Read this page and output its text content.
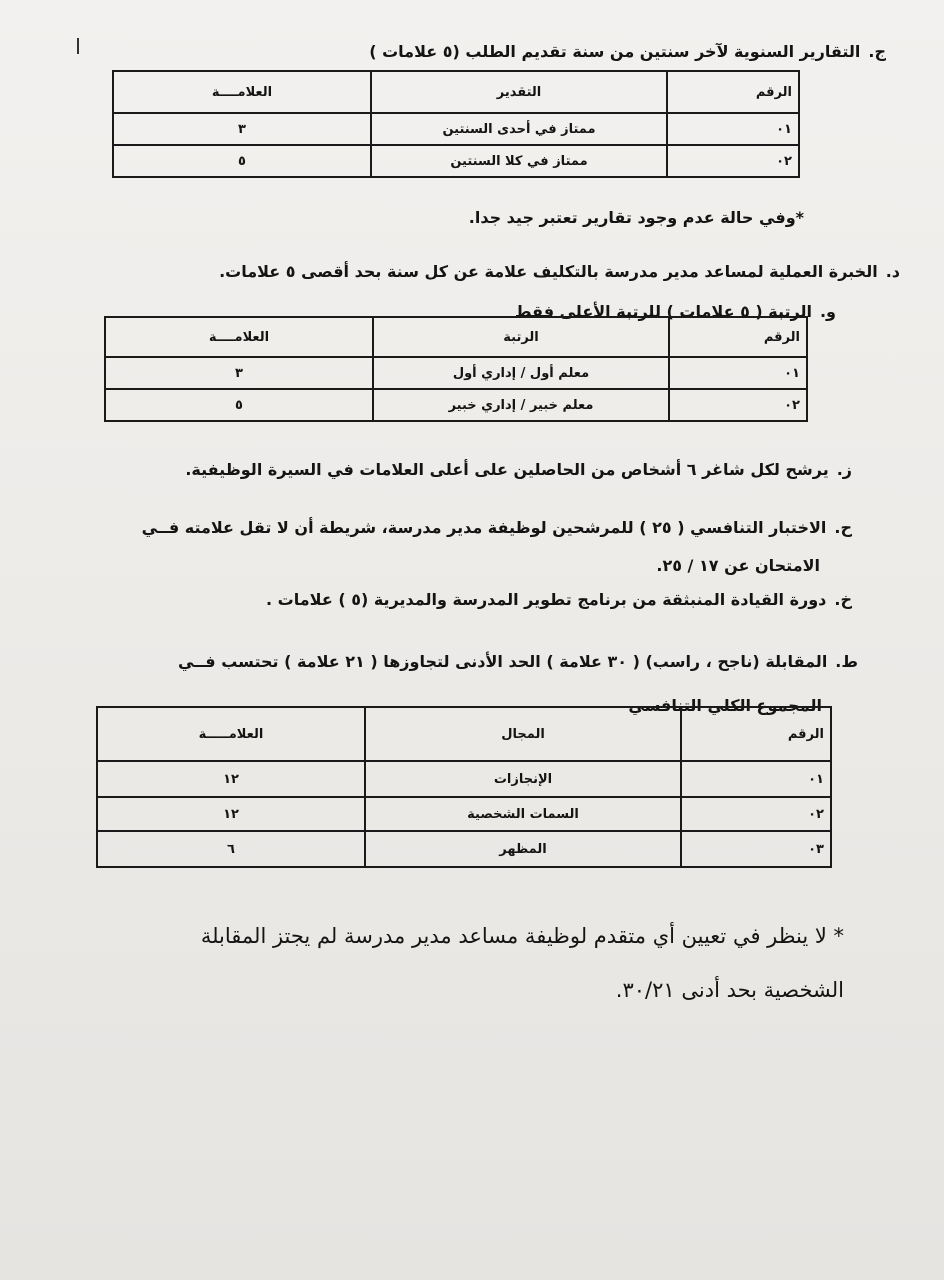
ج.التقارير السنوية لآخر سنتين من سنة تقديم الطلب (٥ علامات )
الرقم	التقدير	العلامــــة
٠١	ممتاز في أحدى السنتين	٣
٠٢	ممتاز في كلا السنتين	٥
*وفي حالة عدم وجود تقارير تعتبر جيد جدا.
د.الخبرة العملية لمساعد مدير مدرسة بالتكليف علامة عن كل سنة بحد أقصى ٥ علامات.
و.الرتبة ( ٥ علامات ) للرتبة الأعلى فقط
الرقم	الرتبة	العلامــــة
٠١	معلم أول / إداري أول	٣
٠٢	معلم خبير / إداري خبير	٥
ز.يرشح لكل شاغر ٦ أشخاص من الحاصلين على أعلى العلامات في السيرة الوظيفية.
ح.الاختبار التنافسي ( ٢٥ ) للمرشحين لوظيفة مدير مدرسة، شريطة أن لا تقل علامته فــي
الامتحان عن ١٧ / ٢٥.
خ.دورة القيادة المنبثقة من برنامج تطوير المدرسة والمديرية (٥ ) علامات .
ط.المقابلة (ناجح ، راسب) ( ٣٠ علامة ) الحد الأدنى لتجاوزها ( ٢١ علامة ) تحتسب فــي
المجموع الكلي التنافسي
الرقم	المجال	العلامـــــة
٠١	الإنجازات	١٢
٠٢	السمات الشخصية	١٢
٠٣	المظهر	٦
* لا ينظر في تعيين أي متقدم لوظيفة مساعد مدير مدرسة لم يجتز المقابلة
الشخصية بحد أدنى ٣٠/٢١.
